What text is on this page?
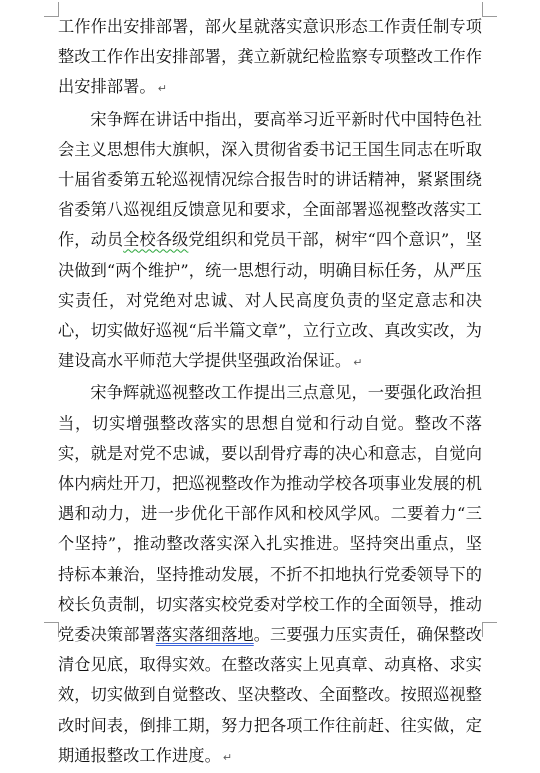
工作作出安排部署，部火星就落实意识形态工作责任制专项整改工作作出安排部署，龚立新就纪检监察专项整改工作作出安排部署。 ↵

宋争辉在讲话中指出，要高举习近平新时代中国特色社会主义思想伟大旗帜，深入贯彻省委书记王国生同志在听取十届省委第五轮巡视情况综合报告时的讲话精神，紧紧围绕省委第八巡视组反馈意见和要求，全面部署巡视整改落实工作，动员全校各级党组织和党员干部，树牢“四个意识”，坚决做到“两个维护”，统一思想行动，明确目标任务，从严压实责任，对党绝对忠诚、对人民高度负责的坚定意志和决心，切实做好巡视“后半篇文章”，立行立改、真改实改，为建设高水平师范大学提供坚强政治保证。 ↵

宋争辉就巡视整改工作提出三点意见，一要强化政治担当，切实增强整改落实的思想自觉和行动自觉。整改不落实，就是对党不忠诚，要以刮骨疗毒的决心和意志，自觉向体内病灶开刀，把巡视整改作为推动学校各项事业发展的机遇和动力，进一步优化干部作风和校风学风。二要着力“三个坚持”，推动整改落实深入扎实推进。坚持突出重点，坚持标本兼治，坚持推动发展，不折不扣地执行党委领导下的校长负责制，切实落实校党委对学校工作的全面领导，推动党委决策部署落实落细落地。三要强力压实责任，确保整改清仓见底，取得实效。在整改落实上见真章、动真格、求实效，切实做到自觉整改、坚决整改、全面整改。按照巡视整改时间表，倒排工期，努力把各项工作往前赶、往实做，定期通报整改工作进度。 ↵
